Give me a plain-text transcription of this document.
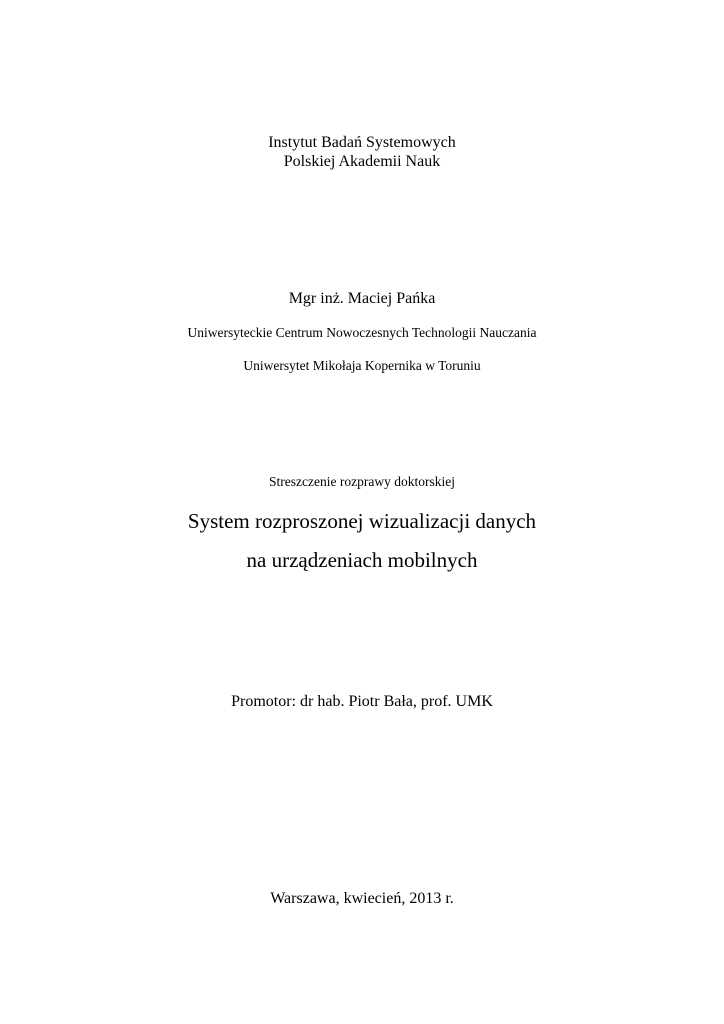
Instytut Badań Systemowych
Polskiej Akademii Nauk
Mgr inż. Maciej Pańka
Uniwersyteckie Centrum Nowoczesnych Technologii Nauczania
Uniwersytet Mikołaja Kopernika w Toruniu
Streszczenie rozprawy doktorskiej
System rozproszonej wizualizacji danych
na urządzeniach mobilnych
Promotor: dr hab. Piotr Bała, prof. UMK
Warszawa, kwiecień, 2013 r.
